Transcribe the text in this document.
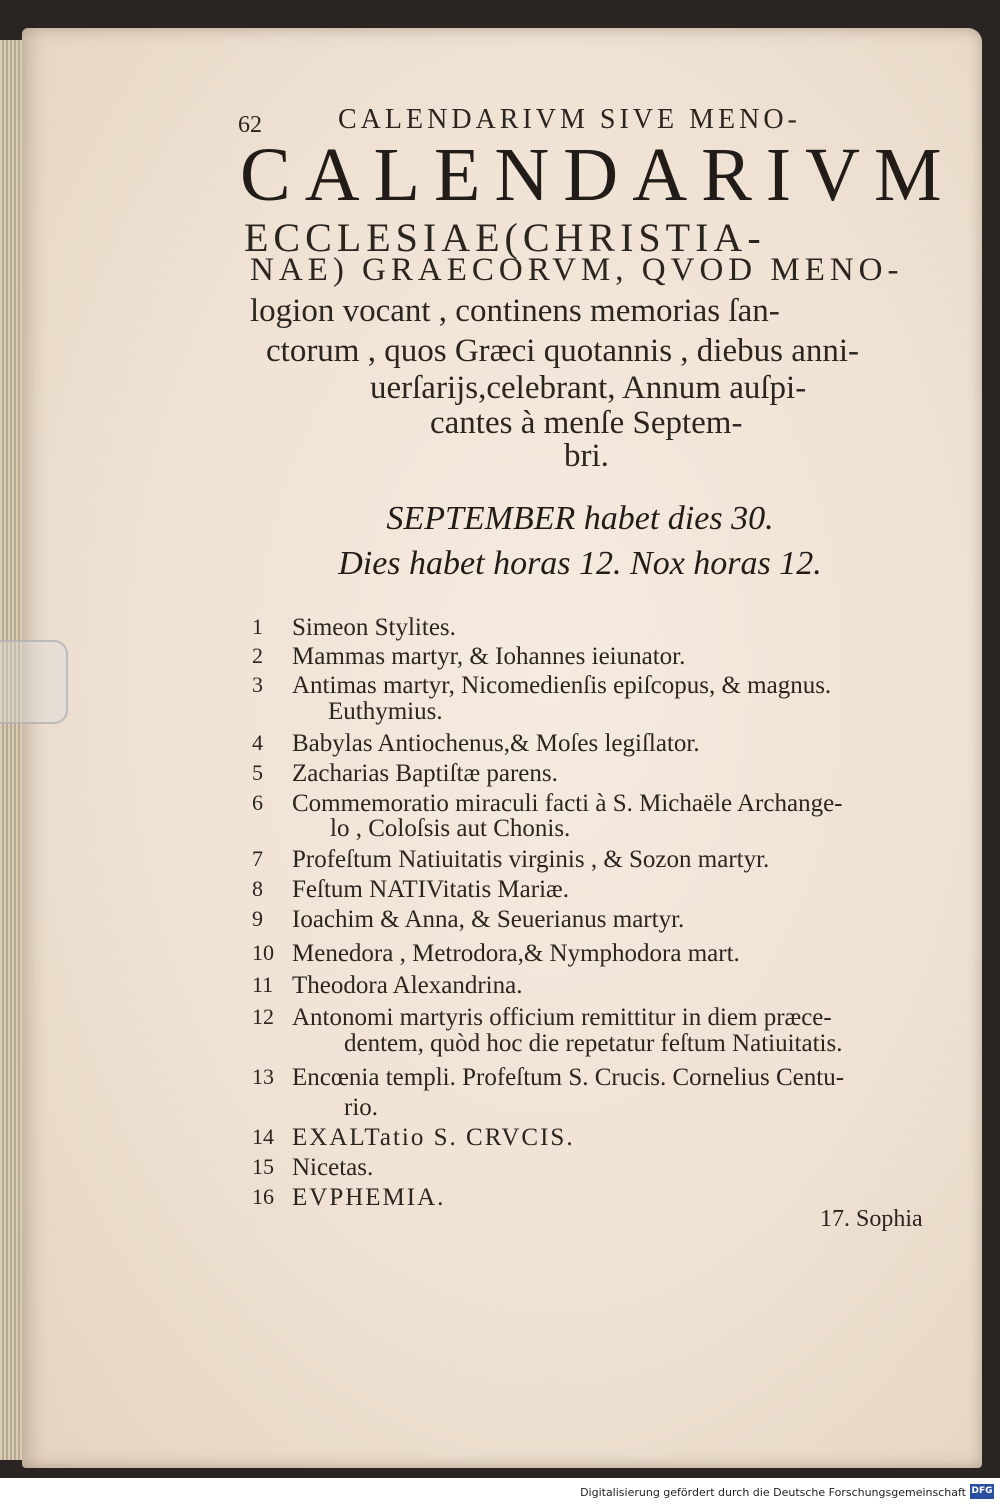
62	CALENDARIVM SIVE MENO-
CALENDARIVM
ECCLESIAE(CHRISTIA-
NAE) GRAECORVM, QVOD MENO-
logion vocant , continens memorias ſan-
ctorum , quos Græci quotannis , diebus anni-
uerſarijs,celebrant, Annum auſpi-
cantes à menſe Septem-
bri.
SEPTEMBER habet dies 30.
Dies habet horas 12. Nox horas 12.
1 Simeon Stylites.
2 Mammas martyr, & Iohannes ieiunator.
3 Antimas martyr, Nicomedienſis epiſcopus, & magnus.
Euthymius.
4 Babylas Antiochenus,& Moſes legiſlator.
5 Zacharias Baptiſtæ parens.
6 Commemoratio miraculi facti à S. Michaële Archange-
lo , Coloſsis aut Chonis.
7 Profeſtum Natiuitatis virginis , & Sozon martyr.
8 Feſtum NATIVitatis Mariæ.
9 Ioachim & Anna, & Seuerianus martyr.
10 Menedora , Metrodora,& Nymphodora mart.
11 Theodora Alexandrina.
12 Antonomi martyris officium remittitur in diem præce-
dentem, quòd hoc die repetatur feſtum Natiuitatis.
13 Encœnia templi. Profeſtum S. Crucis. Cornelius Centu-
rio.
14 EXALTatio S. CRVCIS.
15 Nicetas.
16 EVPHEMIA.
17. Sophia
Digitalisierung gefördert durch die Deutsche Forschungsgemeinschaft DFG
